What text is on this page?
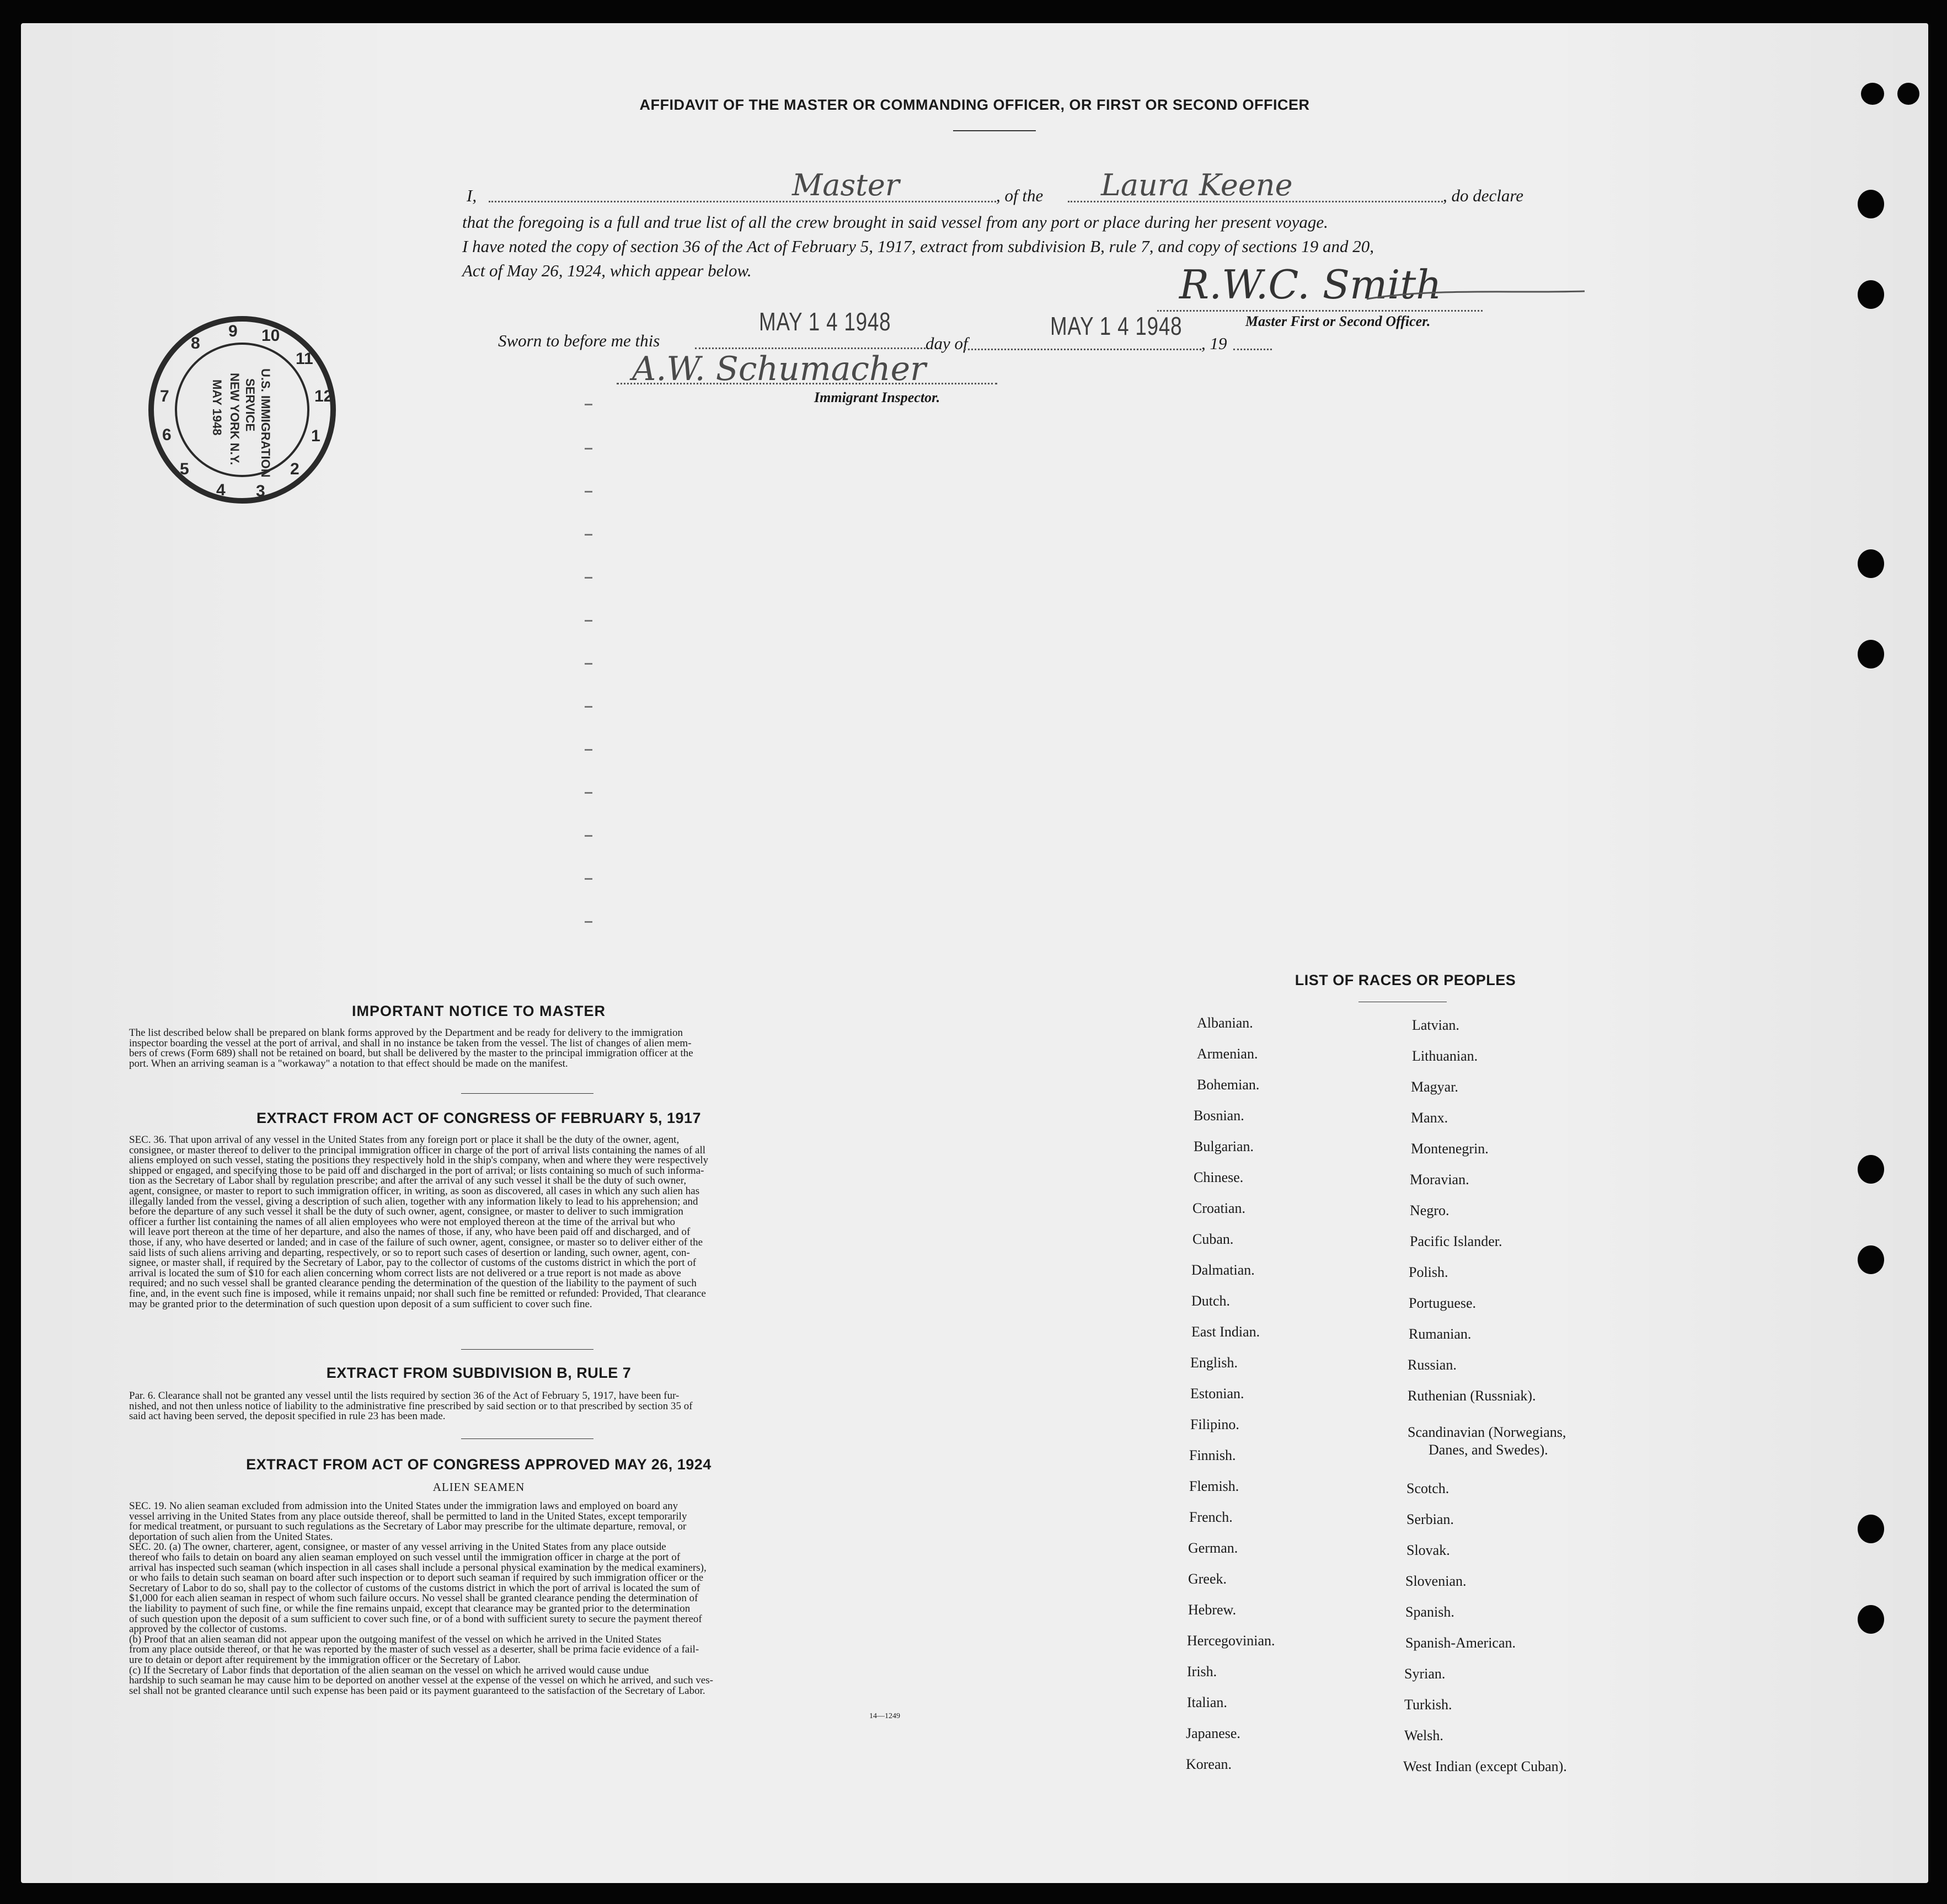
AFFIDAVIT OF THE MASTER OR COMMANDING OFFICER, OR FIRST OR SECOND OFFICER
I,	Master	, of the Laura Keene	, do declare
that the foregoing is a full and true list of all the crew brought in said vessel from any port or place during her present voyage.
I have noted the copy of section 36 of the Act of February 5, 1917, extract from subdivision B, rule 7, and copy of sections 19 and 20,
Act of May 26, 1924, which appear below.	R.W.C. Smith
Master First or Second Officer.
Sworn to before me this
MAY 1 4 1948
day of
MAY 1 4 1948
, 19
A.W. Schumacher
Immigrant Inspector.
9 10
11
12
1
2
3
4
5
6
7
8
U.S. IMMIGRATION
SERVICE
NEW YORK N.Y.
MAY 1948
IMPORTANT NOTICE TO MASTER
The list described below shall be prepared on blank forms approved by the Department and be ready for delivery to the immigration
inspector boarding the vessel at the port of arrival, and shall in no instance be taken from the vessel. The list of changes of alien mem-
bers of crews (Form 689) shall not be retained on board, but shall be delivered by the master to the principal immigration officer at the
port. When an arriving seaman is a "workaway" a notation to that effect should be made on the manifest.
EXTRACT FROM ACT OF CONGRESS OF FEBRUARY 5, 1917
SEC. 36. That upon arrival of any vessel in the United States from any foreign port or place it shall be the duty of the owner, agent,
consignee, or master thereof to deliver to the principal immigration officer in charge of the port of arrival lists containing the names of all
aliens employed on such vessel, stating the positions they respectively hold in the ship's company, when and where they were respectively
shipped or engaged, and specifying those to be paid off and discharged in the port of arrival; or lists containing so much of such informa-
tion as the Secretary of Labor shall by regulation prescribe; and after the arrival of any such vessel it shall be the duty of such owner,
agent, consignee, or master to report to such immigration officer, in writing, as soon as discovered, all cases in which any such alien has
illegally landed from the vessel, giving a description of such alien, together with any information likely to lead to his apprehension; and
before the departure of any such vessel it shall be the duty of such owner, agent, consignee, or master to deliver to such immigration
officer a further list containing the names of all alien employees who were not employed thereon at the time of the arrival but who
will leave port thereon at the time of her departure, and also the names of those, if any, who have been paid off and discharged, and of
those, if any, who have deserted or landed; and in case of the failure of such owner, agent, consignee, or master so to deliver either of the
said lists of such aliens arriving and departing, respectively, or so to report such cases of desertion or landing, such owner, agent, con-
signee, or master shall, if required by the Secretary of Labor, pay to the collector of customs of the customs district in which the port of
arrival is located the sum of $10 for each alien concerning whom correct lists are not delivered or a true report is not made as above
required; and no such vessel shall be granted clearance pending the determination of the question of the liability to the payment of such
fine, and, in the event such fine is imposed, while it remains unpaid; nor shall such fine be remitted or refunded: Provided, That clearance
may be granted prior to the determination of such question upon deposit of a sum sufficient to cover such fine.
EXTRACT FROM SUBDIVISION B, RULE 7
Par. 6. Clearance shall not be granted any vessel until the lists required by section 36 of the Act of February 5, 1917, have been fur-
nished, and not then unless notice of liability to the administrative fine prescribed by said section or to that prescribed by section 35 of
said act having been served, the deposit specified in rule 23 has been made.
EXTRACT FROM ACT OF CONGRESS APPROVED MAY 26, 1924
ALIEN SEAMEN
SEC. 19. No alien seaman excluded from admission into the United States under the immigration laws and employed on board any
vessel arriving in the United States from any place outside thereof, shall be permitted to land in the United States, except temporarily
for medical treatment, or pursuant to such regulations as the Secretary of Labor may prescribe for the ultimate departure, removal, or
deportation of such alien from the United States.
SEC. 20. (a) The owner, charterer, agent, consignee, or master of any vessel arriving in the United States from any place outside
thereof who fails to detain on board any alien seaman employed on such vessel until the immigration officer in charge at the port of
arrival has inspected such seaman (which inspection in all cases shall include a personal physical examination by the medical examiners),
or who fails to detain such seaman on board after such inspection or to deport such seaman if required by such immigration officer or the
Secretary of Labor to do so, shall pay to the collector of customs of the customs district in which the port of arrival is located the sum of
$1,000 for each alien seaman in respect of whom such failure occurs. No vessel shall be granted clearance pending the determination of
the liability to payment of such fine, or while the fine remains unpaid, except that clearance may be granted prior to the determination
of such question upon the deposit of a sum sufficient to cover such fine, or of a bond with sufficient surety to secure the payment thereof
approved by the collector of customs.
(b) Proof that an alien seaman did not appear upon the outgoing manifest of the vessel on which he arrived in the United States
from any place outside thereof, or that he was reported by the master of such vessel as a deserter, shall be prima facie evidence of a fail-
ure to detain or deport after requirement by the immigration officer or the Secretary of Labor.
(c) If the Secretary of Labor finds that deportation of the alien seaman on the vessel on which he arrived would cause undue
hardship to such seaman he may cause him to be deported on another vessel at the expense of the vessel on which he arrived, and such ves-
sel shall not be granted clearance until such expense has been paid or its payment guaranteed to the satisfaction of the Secretary of Labor.
14—1249
LIST OF RACES OR PEOPLES
Albanian.
Armenian.
Bohemian.
Bosnian.
Bulgarian.
Chinese.
Croatian.
Cuban.
Dalmatian.
Dutch.
East Indian.
English.
Estonian.
Filipino.
Finnish.
Flemish.
French.
German.
Greek.
Hebrew.
Hercegovinian.
Irish.
Italian.
Japanese.
Korean.
Latvian.
Lithuanian.
Magyar.
Manx.
Montenegrin.
Moravian.
Negro.
Pacific Islander.
Polish.
Portuguese.
Rumanian.
Russian.
Ruthenian (Russniak).
Scandinavian (Norwegians,
Danes, and Swedes).
Scotch.
Serbian.
Slovak.
Slovenian.
Spanish.
Spanish-American.
Syrian.
Turkish.
Welsh.
West Indian (except Cuban).
